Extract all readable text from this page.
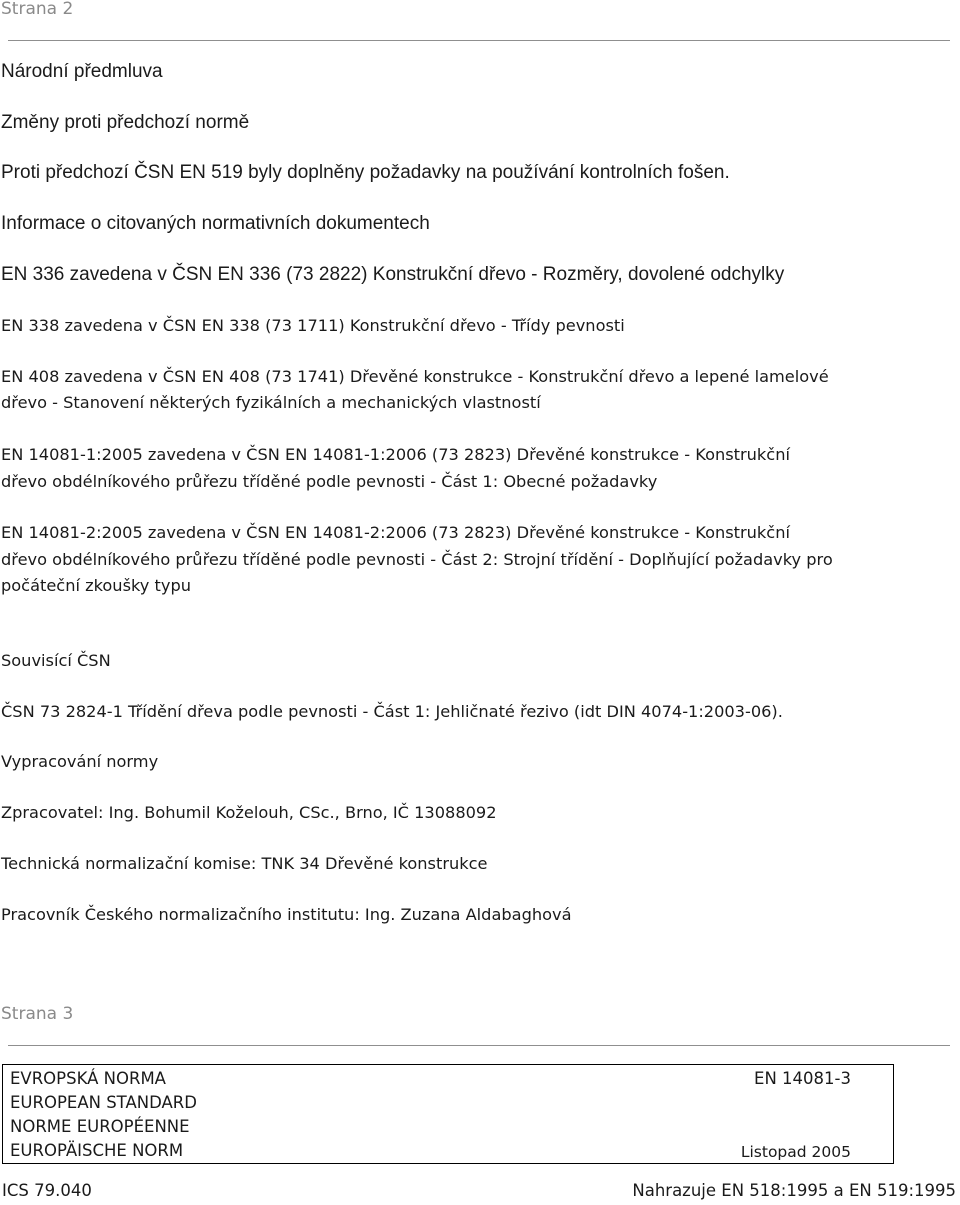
Strana 2
Národní předmluva
Změny proti předchozí normě
Proti předchozí ČSN EN 519 byly doplněny požadavky na používání kontrolních fošen.
Informace o citovaných normativních dokumentech
EN 336 zavedena v ČSN EN 336 (73 2822) Konstrukční dřevo - Rozměry, dovolené odchylky
EN 338 zavedena v ČSN EN 338 (73 1711) Konstrukční dřevo - Třídy pevnosti
EN 408 zavedena v ČSN EN 408 (73 1741) Dřevěné konstrukce - Konstrukční dřevo a lepené lamelové
dřevo - Stanovení některých fyzikálních a mechanických vlastností
EN 14081-1:2005 zavedena v ČSN EN 14081-1:2006 (73 2823) Dřevěné konstrukce - Konstrukční
dřevo obdélníkového průřezu tříděné podle pevnosti - Část 1: Obecné požadavky
EN 14081-2:2005 zavedena v ČSN EN 14081-2:2006 (73 2823) Dřevěné konstrukce - Konstrukční
dřevo obdélníkového průřezu tříděné podle pevnosti - Část 2: Strojní třídění - Doplňující požadavky pro
počáteční zkoušky typu
Souvisící ČSN
ČSN 73 2824-1 Třídění dřeva podle pevnosti - Část 1: Jehličnaté řezivo (idt DIN 4074-1:2003-06).
Vypracování normy
Zpracovatel: Ing. Bohumil Koželouh, CSc., Brno, IČ 13088092
Technická normalizační komise: TNK 34 Dřevěné konstrukce
Pracovník Českého normalizačního institutu: Ing. Zuzana Aldabaghová
Strana 3
EVROPSKÁ NORMA	EN 14081-3
EUROPEAN STANDARD
NORME EUROPÉENNE
EUROPÄISCHE NORM	Listopad 2005
ICS 79.040	Nahrazuje EN 518:1995 a EN 519:1995
